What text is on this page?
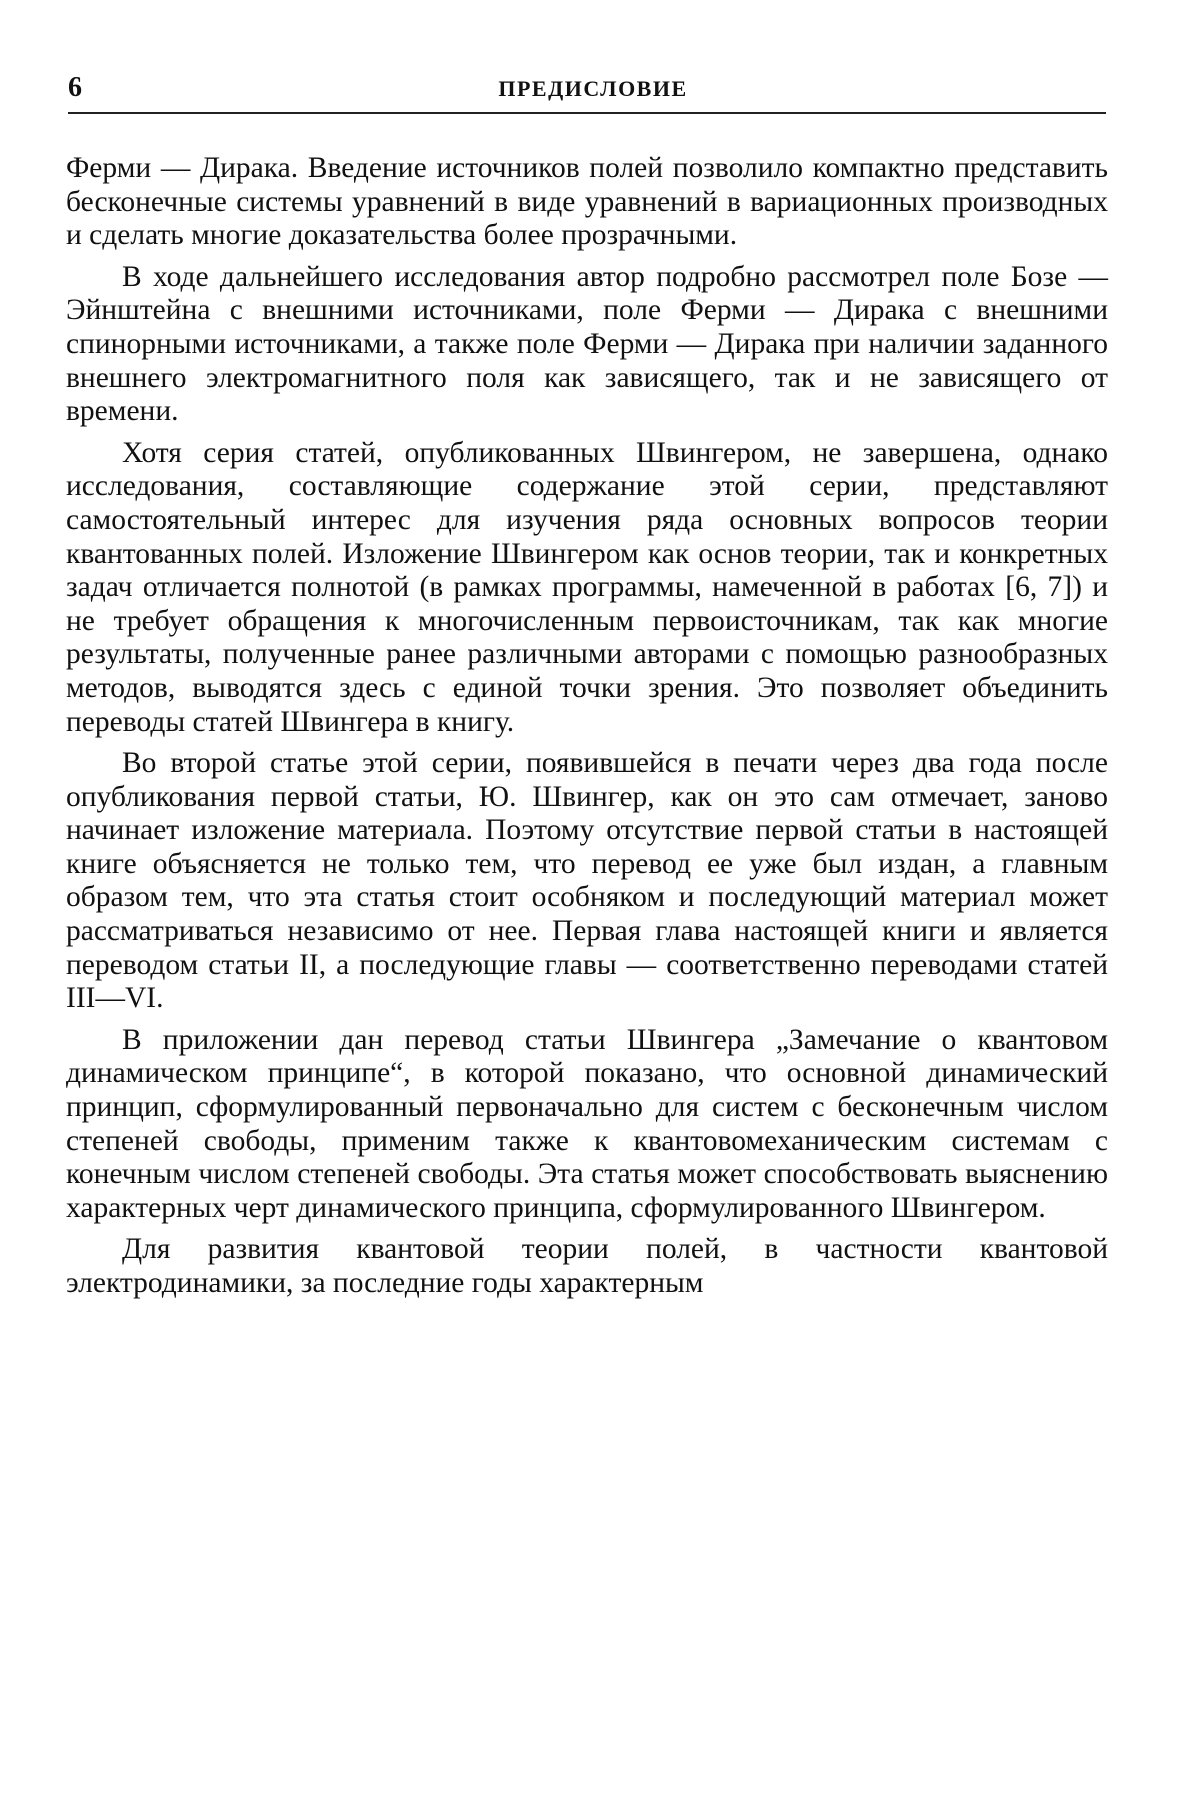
6	ПРЕДИСЛОВИЕ

Ферми — Дирака. Введение источников полей позволило компактно представить бесконечные системы уравнений в виде уравнений в вариационных производных и сделать многие доказательства более прозрачными.

В ходе дальнейшего исследования автор подробно рассмотрел поле Бозе — Эйнштейна с внешними источниками, поле Ферми — Дирака с внешними спинорными источниками, а также поле Ферми — Дирака при наличии заданного внешнего электромагнитного поля как зависящего, так и не зависящего от времени.

Хотя серия статей, опубликованных Швингером, не завершена, однако исследования, составляющие содержание этой серии, представляют самостоятельный интерес для изучения ряда основных вопросов теории квантованных полей. Изложение Швингером как основ теории, так и конкретных задач отличается полнотой (в рамках программы, намеченной в работах [6, 7]) и не требует обращения к многочисленным первоисточникам, так как многие результаты, полученные ранее различными авторами с помощью разнообразных методов, выводятся здесь с единой точки зрения. Это позволяет объединить переводы статей Швингера в книгу.

Во второй статье этой серии, появившейся в печати через два года после опубликования первой статьи, Ю. Швингер, как он это сам отмечает, заново начинает изложение материала. Поэтому отсутствие первой статьи в настоящей книге объясняется не только тем, что перевод ее уже был издан, а главным образом тем, что эта статья стоит особняком и последующий материал может рассматриваться независимо от нее. Первая глава настоящей книги и является переводом статьи II, а последующие главы — соответственно переводами статей III—VI.

В приложении дан перевод статьи Швингера „Замечание о квантовом динамическом принципе“, в которой показано, что основной динамический принцип, сформулированный первоначально для систем с бесконечным числом степеней свободы, применим также к квантовомеханическим системам с конечным числом степеней свободы. Эта статья может способствовать выяснению характерных черт динамического принципа, сформулированного Швингером.

Для развития квантовой теории полей, в частности квантовой электродинамики, за последние годы характерным
